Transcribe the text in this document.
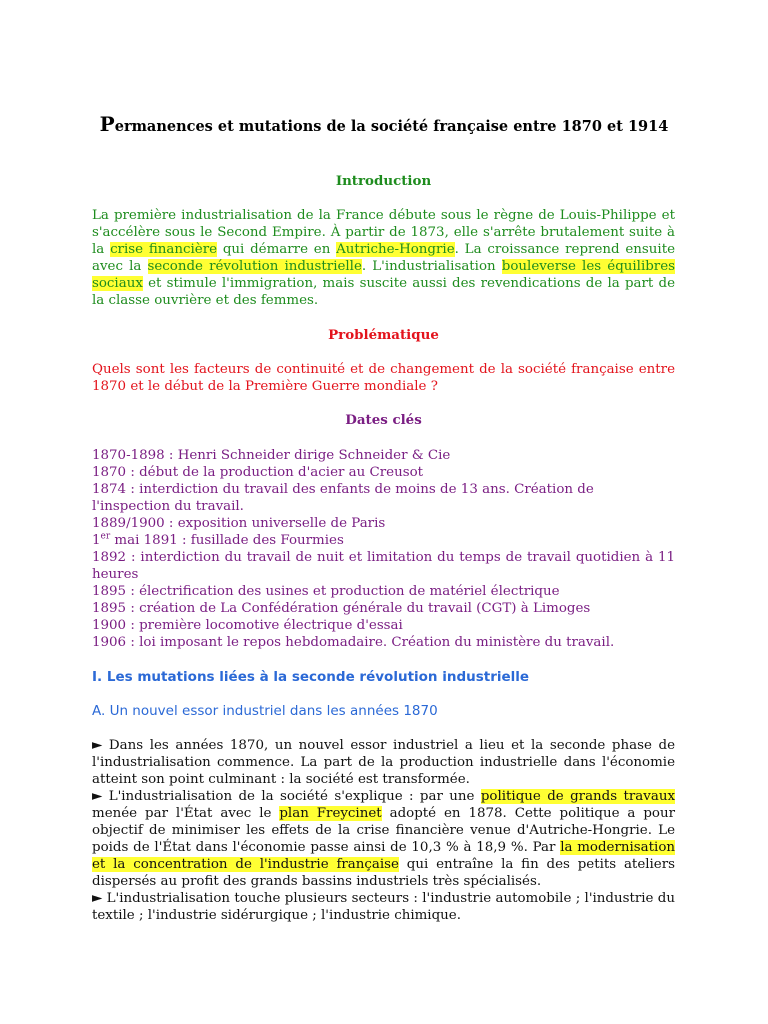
Permanences et mutations de la société française entre 1870 et 1914
Introduction
La première industrialisation de la France débute sous le règne de Louis-Philippe et s'accélère sous le Second Empire. À partir de 1873, elle s'arrête brutalement suite à la crise financière qui démarre en Autriche-Hongrie. La croissance reprend ensuite avec la seconde révolution industrielle. L'industrialisation bouleverse les équilibres sociaux et stimule l'immigration, mais suscite aussi des revendications de la part de la classe ouvrière et des femmes.
Problématique
Quels sont les facteurs de continuité et de changement de la société française entre 1870 et le début de la Première Guerre mondiale ?
Dates clés
1870-1898 : Henri Schneider dirige Schneider & Cie
1870 : début de la production d'acier au Creusot
1874 : interdiction du travail des enfants de moins de 13 ans. Création de l'inspection du travail.
1889/1900 : exposition universelle de Paris
1er mai 1891 : fusillade des Fourmies
1892 : interdiction du travail de nuit et limitation du temps de travail quotidien à 11 heures
1895 : électrification des usines et production de matériel électrique
1895 : création de La Confédération générale du travail (CGT) à Limoges
1900 : première locomotive électrique d'essai
1906 : loi imposant le repos hebdomadaire. Création du ministère du travail.
I. Les mutations liées à la seconde révolution industrielle
A. Un nouvel essor industriel dans les années 1870
► Dans les années 1870, un nouvel essor industriel a lieu et la seconde phase de l'industrialisation commence. La part de la production industrielle dans l'économie atteint son point culminant : la société est transformée.
► L'industrialisation de la société s'explique : par une politique de grands travaux menée par l'État avec le plan Freycinet adopté en 1878. Cette politique a pour objectif de minimiser les effets de la crise financière venue d'Autriche-Hongrie. Le poids de l'État dans l'économie passe ainsi de 10,3 % à 18,9 %. Par la modernisation et la concentration de l'industrie française qui entraîne la fin des petits ateliers dispersés au profit des grands bassins industriels très spécialisés.
► L'industrialisation touche plusieurs secteurs : l'industrie automobile ; l'industrie du textile ; l'industrie sidérurgique ; l'industrie chimique.
